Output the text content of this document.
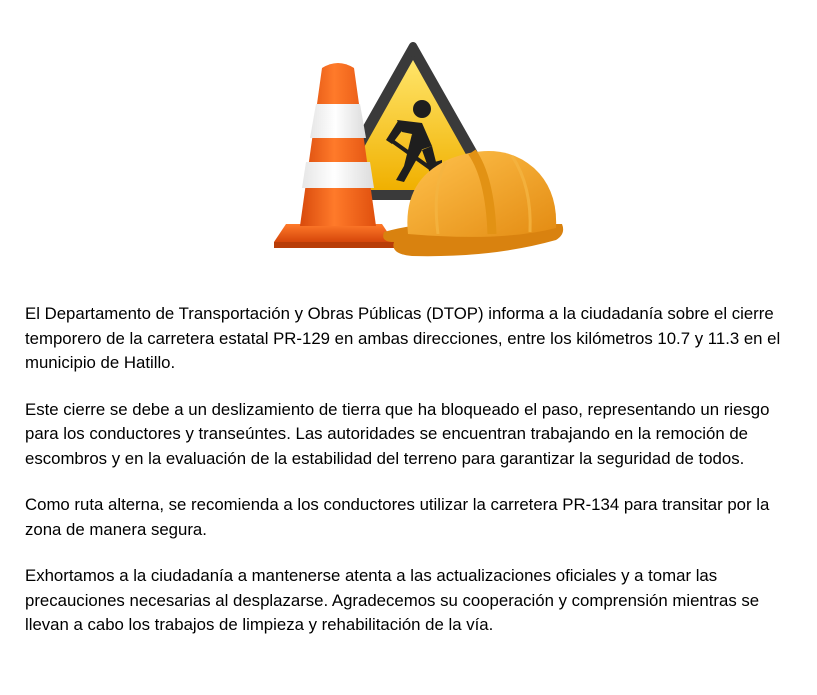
El Departamento de Transportación y Obras Públicas (DTOP) informa a la ciudadanía sobre el cierre temporero de la carretera estatal PR-129 en ambas direcciones, entre los kilómetros 10.7 y 11.3 en el municipio de Hatillo.

Este cierre se debe a un deslizamiento de tierra que ha bloqueado el paso, representando un riesgo para los conductores y transeúntes. Las autoridades se encuentran trabajando en la remoción de escombros y en la evaluación de la estabilidad del terreno para garantizar la seguridad de todos.

Como ruta alterna, se recomienda a los conductores utilizar la carretera PR-134 para transitar por la zona de manera segura.

Exhortamos a la ciudadanía a mantenerse atenta a las actualizaciones oficiales y a tomar las precauciones necesarias al desplazarse. Agradecemos su cooperación y comprensión mientras se llevan a cabo los trabajos de limpieza y rehabilitación de la vía.
